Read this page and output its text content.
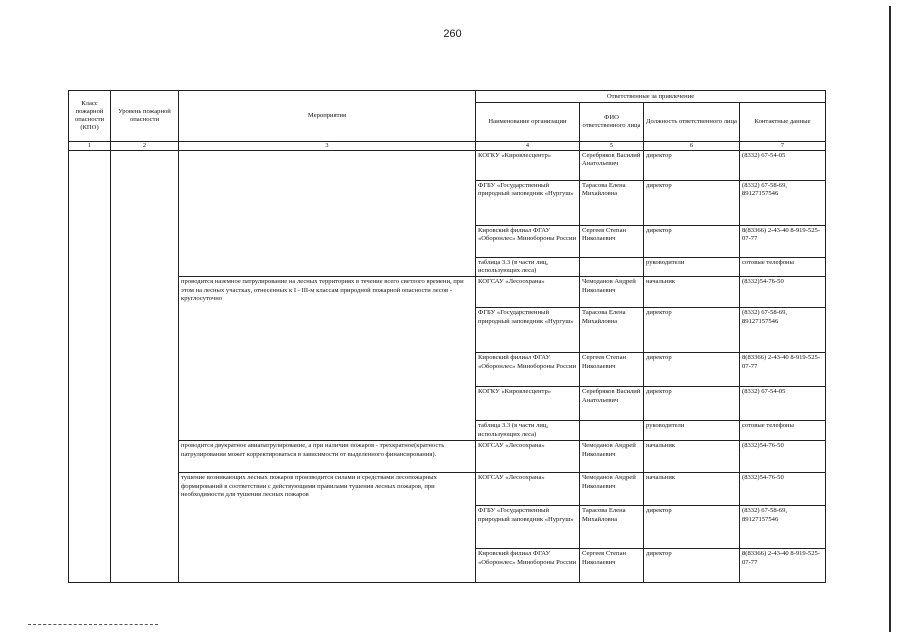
260
Класс пожарной опасности (КПО)	Уровень пожарной опасности	Мероприятия	Ответственные за привлечение			
			Наименование организации	ФИО ответственного лица	Должность ответственного лица	Контактные данные
1	2	3	4	5	6	7
			КОГКУ «Кировлесцентр»	Серебряков Василий Анатольевич	директор	(8332) 67-54-05
			ФГБУ «Государственный природный заповедник «Нургуш»	Тарасова Елена Михайловна	директор	(8332) 67-58-69, 89127157546
			Кировский филиал ФГАУ «Оборонлес» Минобороны России	Сергеев Степан Николаевич	директор	8(83366) 2-43-40 8-919-525-07-77
			таблица 3.3 (в части лиц, использующих леса)		руководители	сотовые телефоны
		проводится наземное патрулирование на лесных территориях в течение всего светлого времени, при этом на лесных участках, отнесенных к I - III-м классам природной пожарной опасности лесов - круглосуточно	КОГСАУ «Лесоохрана»	Чемоданов Андрей Николаевич	начальник	(8332)54-76-50
			ФГБУ «Государственный природный заповедник «Нургуш»	Тарасова Елена Михайловна	директор	(8332) 67-58-69, 89127157546
			Кировский филиал ФГАУ «Оборонлес» Минобороны России	Сергеев Степан Николаевич	директор	8(83366) 2-43-40 8-919-525-07-77
			КОГКУ «Кировлесцентр»	Серебряков Василий Анатольевич	директор	(8332) 67-54-05
			таблица 3.3 (в части лиц, использующих леса)		руководители	сотовые телефоны
		проводится двукратное авиапатрулирование, а при наличии пожаров - трехкратное(кратность патрулирования может корректироваться в зависимости от выделенного финансирования).	КОГСАУ «Лесоохрана»	Чемоданов Андрей Николаевич	начальник	(8332)54-76-50
		тушение возникающих лесных пожаров производится силами и средствами лесопожарных формирований в соответствии с действующими правилами тушения лесных пожаров, при необходимости для тушения лесных пожаров	КОГСАУ «Лесоохрана»	Чемоданов Андрей Николаевич	начальник	(8332)54-76-50
			ФГБУ «Государственный природный заповедник «Нургуш»	Тарасова Елена Михайловна	директор	(8332) 67-58-69, 89127157546
			Кировский филиал ФГАУ «Оборонлес» Минобороны России	Сергеев Степан Николаевич	директор	8(83366) 2-43-40 8-919-525-07-77
